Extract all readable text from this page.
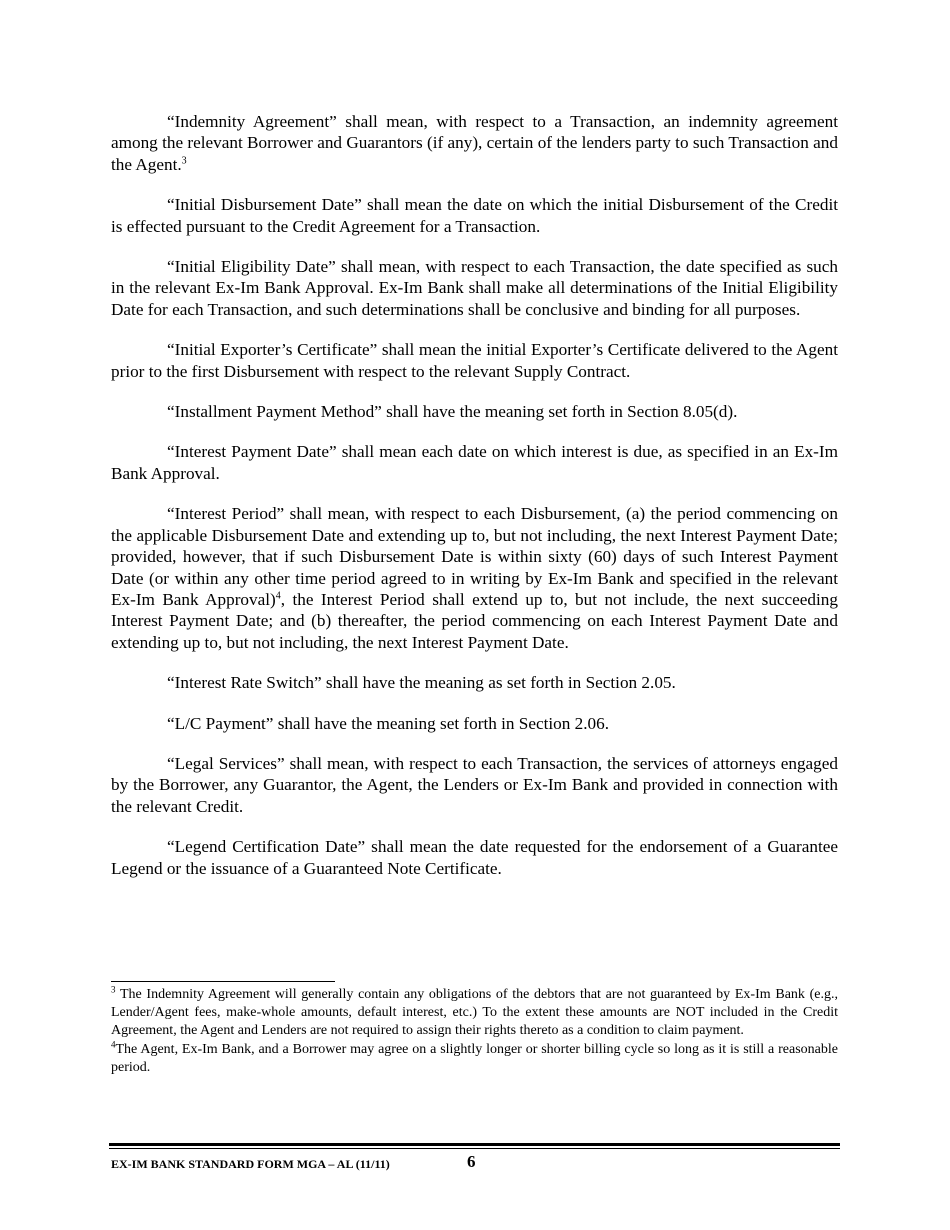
“Indemnity Agreement” shall mean, with respect to a Transaction, an indemnity agreement among the relevant Borrower and Guarantors (if any), certain of the lenders party to such Transaction and the Agent.$^3$

“Initial Disbursement Date” shall mean the date on which the initial Disbursement of the Credit is effected pursuant to the Credit Agreement for a Transaction.

“Initial Eligibility Date” shall mean, with respect to each Transaction, the date specified as such in the relevant Ex-Im Bank Approval. Ex-Im Bank shall make all determinations of the Initial Eligibility Date for each Transaction, and such determinations shall be conclusive and binding for all purposes.

“Initial Exporter’s Certificate” shall mean the initial Exporter’s Certificate delivered to the Agent prior to the first Disbursement with respect to the relevant Supply Contract.

“Installment Payment Method” shall have the meaning set forth in Section 8.05(d).

“Interest Payment Date” shall mean each date on which interest is due, as specified in an Ex-Im Bank Approval.

“Interest Period” shall mean, with respect to each Disbursement, (a) the period commencing on the applicable Disbursement Date and extending up to, but not including, the next Interest Payment Date; provided, however, that if such Disbursement Date is within sixty (60) days of such Interest Payment Date (or within any other time period agreed to in writing by Ex-Im Bank and specified in the relevant Ex-Im Bank Approval)$^4$, the Interest Period shall extend up to, but not include, the next succeeding Interest Payment Date; and (b) thereafter, the period commencing on each Interest Payment Date and extending up to, but not including, the next Interest Payment Date.

“Interest Rate Switch” shall have the meaning as set forth in Section 2.05.

“L/C Payment” shall have the meaning set forth in Section 2.06.

“Legal Services” shall mean, with respect to each Transaction, the services of attorneys engaged by the Borrower, any Guarantor, the Agent, the Lenders or Ex-Im Bank and provided in connection with the relevant Credit.

“Legend Certification Date” shall mean the date requested for the endorsement of a Guarantee Legend or the issuance of a Guaranteed Note Certificate.

$^3$ The Indemnity Agreement will generally contain any obligations of the debtors that are not guaranteed by Ex-Im Bank (e.g., Lender/Agent fees, make-whole amounts, default interest, etc.) To the extent these amounts are NOT included in the Credit Agreement, the Agent and Lenders are not required to assign their rights thereto as a condition to claim payment.

$^4$The Agent, Ex-Im Bank, and a Borrower may agree on a slightly longer or shorter billing cycle so long as it is still a reasonable period.

EX-IM BANK STANDARD FORM MGA – AL (11/11)	6
